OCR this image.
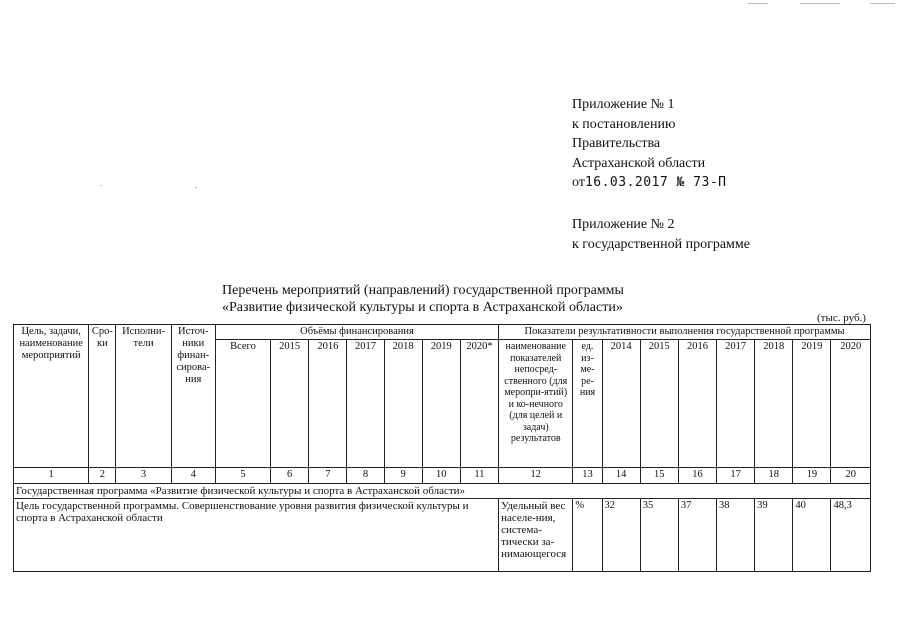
Приложение № 1
к постановлению
Правительства
Астраханской области
от16.03.2017 № 73-П
Приложение № 2
к государственной программе
Перечень мероприятий (направлений) государственной программы
«Развитие физической культуры и спорта в Астраханской области»
(тыс. руб.)
Цель, задачи, наименование мероприятий	Сро-ки	Исполни-тели	Источ-ники финан-сирова-ния	Объёмы финансирования							Показатели результативности выполнения государственной программы								
				Всего	2015	2016	2017	2018	2019	2020*	наименование показателей непосред-ственного (для меропри-ятий) и ко-нечного (для целей и задач) результатов	ед. из-ме-ре-ния	2014	2015	2016	2017	2018	2019	2020
1	2	3	4	5	6	7	8	9	10	11	12	13	14	15	16	17	18	19	20
Государственная программа «Развитие физической культуры и спорта в Астраханской области»																			
Цель государственной программы. Совершенствование уровня развития физической культуры и спорта в Астраханской области											Удельный вес населе-ния, система-тически за-нимающегося	%	32	35	37	38	39	40	48,3
